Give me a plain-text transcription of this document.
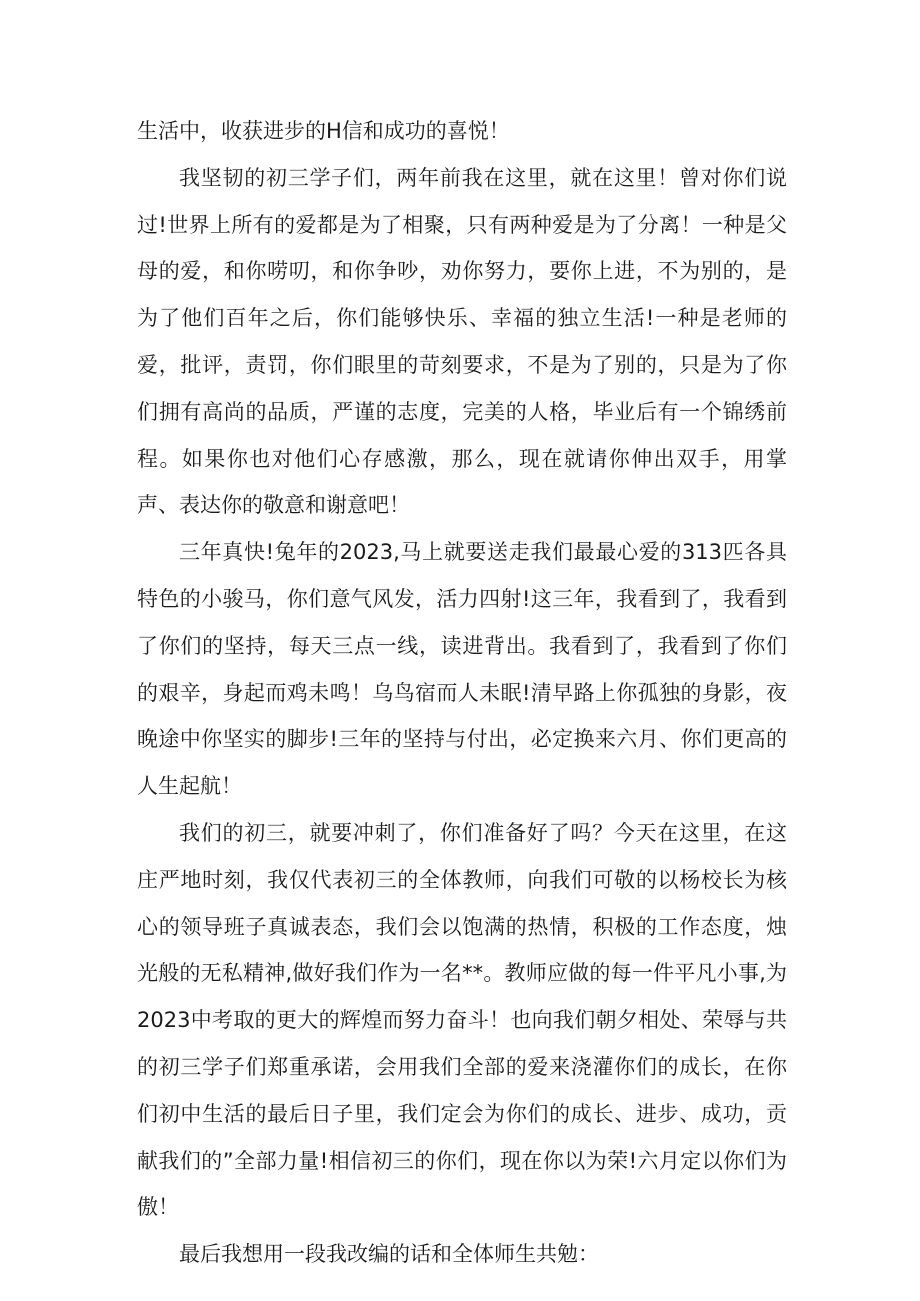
生活中，收获进步的H信和成功的喜悦！

我坚韧的初三学子们，两年前我在这里，就在这里！曾对你们说过!世界上所有的爱都是为了相聚，只有两种爱是为了分离！一种是父母的爱，和你唠叨，和你争吵，劝你努力，要你上进，不为别的，是为了他们百年之后，你们能够快乐、幸福的独立生活!一种是老师的爱，批评，责罚，你们眼里的苛刻要求，不是为了别的，只是为了你们拥有高尚的品质，严谨的志度，完美的人格，毕业后有一个锦绣前程。如果你也对他们心存感激，那么，现在就请你伸出双手，用掌声、表达你的敬意和谢意吧！

三年真快!兔年的2023,马上就要送走我们最最心爱的313匹各具特色的小骏马，你们意气风发，活力四射!这三年，我看到了，我看到了你们的坚持，每天三点一线，读进背出。我看到了，我看到了你们的艰辛，身起而鸡未鸣！乌鸟宿而人未眠!清早路上你孤独的身影，夜晚途中你坚实的脚步!三年的坚持与付出，必定换来六月、你们更高的人生起航！

我们的初三，就要冲刺了，你们准备好了吗？今天在这里，在这庄严地时刻，我仅代表初三的全体教师，向我们可敬的以杨校长为核心的领导班子真诚表态，我们会以饱满的热情，积极的工作态度，烛光般的无私精神,做好我们作为一名**。教师应做的每一件平凡小事,为2023中考取的更大的辉煌而努力奋斗！也向我们朝夕相处、荣辱与共的初三学子们郑重承诺，会用我们全部的爱来浇灌你们的成长，在你们初中生活的最后日子里，我们定会为你们的成长、进步、成功，贡献我们的”全部力量!相信初三的你们，现在你以为荣!六月定以你们为傲！

最后我想用一段我改编的话和全体师生共勉：
